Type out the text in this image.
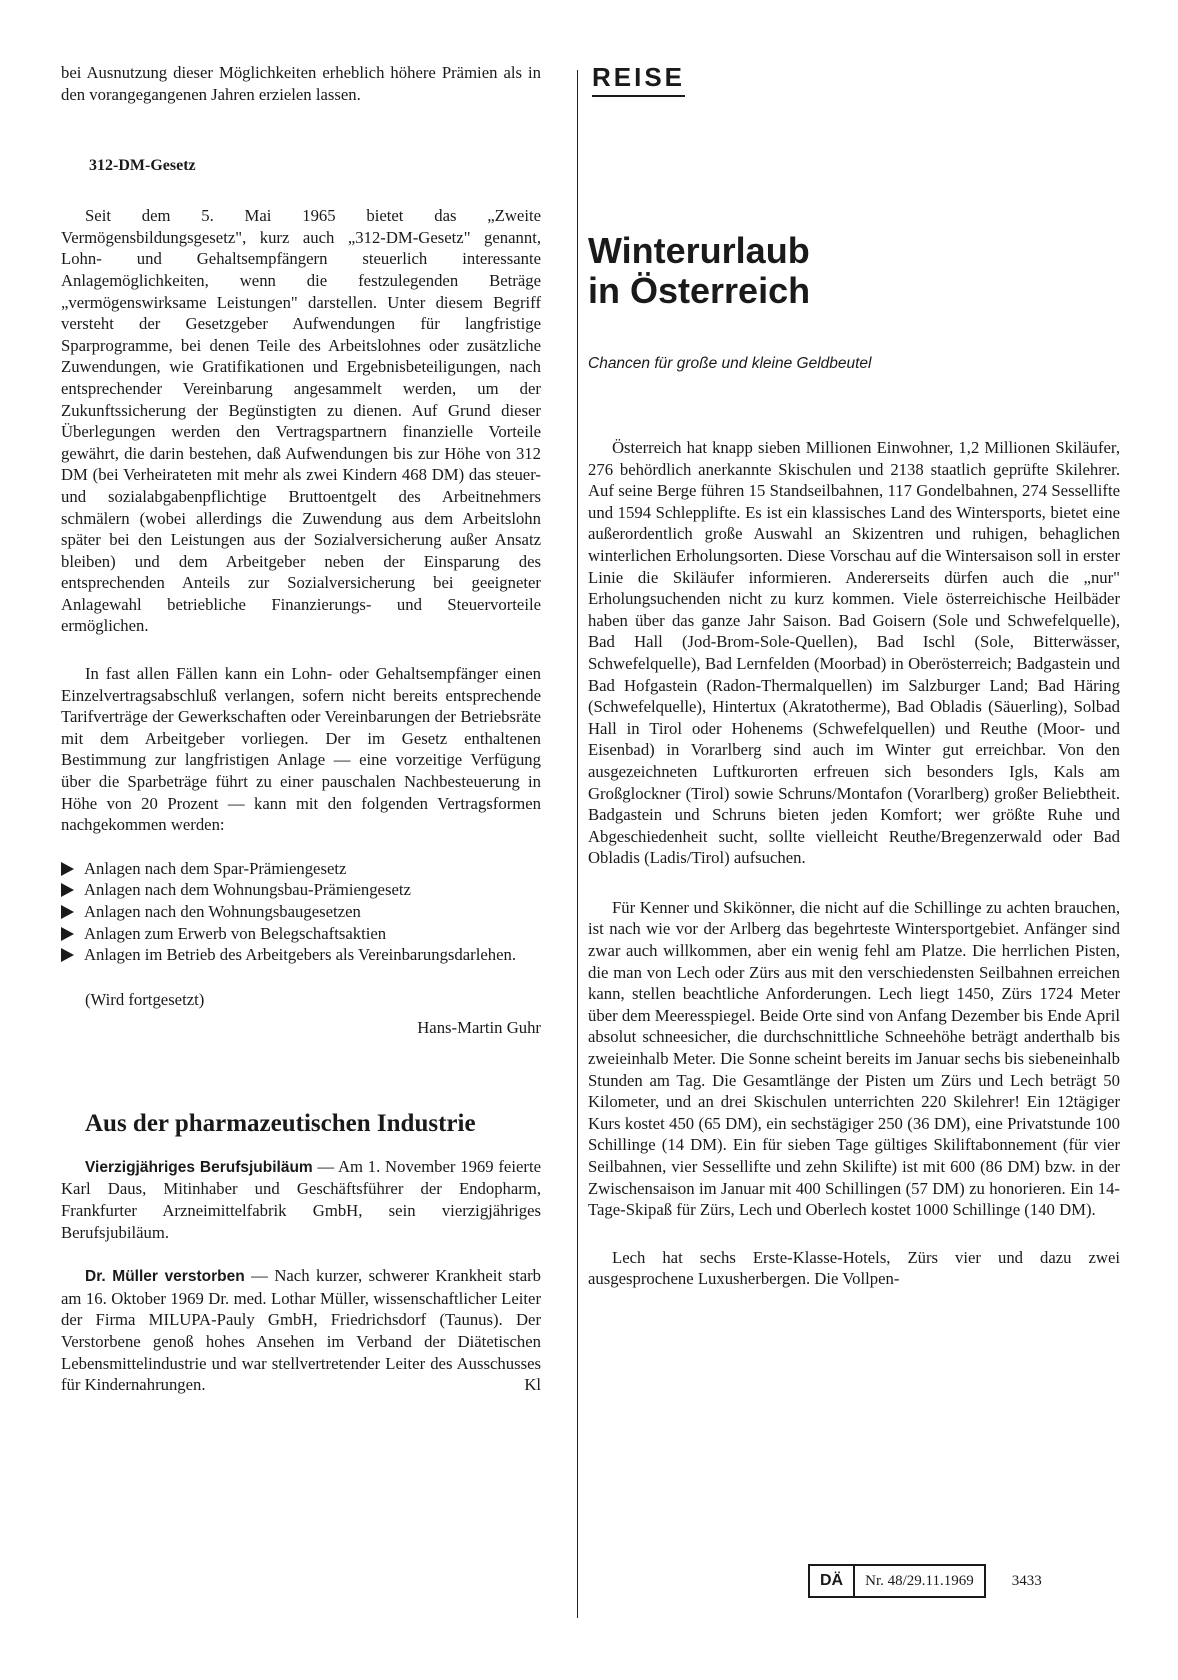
bei Ausnutzung dieser Möglichkeiten erheblich höhere Prämien als in den vorangegangenen Jahren erzielen lassen.

312-DM-Gesetz

Seit dem 5. Mai 1965 bietet das „Zweite Vermögensbildungsgesetz", kurz auch „312-DM-Gesetz" genannt, Lohn- und Gehaltsempfängern steuerlich interessante Anlagemöglichkeiten, wenn die festzulegenden Beträge „vermögenswirksame Leistungen" darstellen. Unter diesem Begriff versteht der Gesetzgeber Aufwendungen für langfristige Sparprogramme, bei denen Teile des Arbeitslohnes oder zusätzliche Zuwendungen, wie Gratifikationen und Ergebnisbeteiligungen, nach entsprechender Vereinbarung angesammelt werden, um der Zukunftssicherung der Begünstigten zu dienen. Auf Grund dieser Überlegungen werden den Vertragspartnern finanzielle Vorteile gewährt, die darin bestehen, daß Aufwendungen bis zur Höhe von 312 DM (bei Verheirateten mit mehr als zwei Kindern 468 DM) das steuer- und sozialabgabenpflichtige Bruttoentgelt des Arbeitnehmers schmälern (wobei allerdings die Zuwendung aus dem Arbeitslohn später bei den Leistungen aus der Sozialversicherung außer Ansatz bleiben) und dem Arbeitgeber neben der Einsparung des entsprechenden Anteils zur Sozialversicherung bei geeigneter Anlagewahl betriebliche Finanzierungs- und Steuervorteile ermöglichen.

In fast allen Fällen kann ein Lohn- oder Gehaltsempfänger einen Einzelvertragsabschluß verlangen, sofern nicht bereits entsprechende Tarifverträge der Gewerkschaften oder Vereinbarungen der Betriebsräte mit dem Arbeitgeber vorliegen. Der im Gesetz enthaltenen Bestimmung zur langfristigen Anlage — eine vorzeitige Verfügung über die Sparbeträge führt zu einer pauschalen Nachbesteuerung in Höhe von 20 Prozent — kann mit den folgenden Vertragsformen nachgekommen werden:

Anlagen nach dem Spar-Prämiengesetz
Anlagen nach dem Wohnungsbau-Prämiengesetz
Anlagen nach den Wohnungsbaugesetzen
Anlagen zum Erwerb von Belegschaftsaktien
Anlagen im Betrieb des Arbeitgebers als Vereinbarungsdarlehen.

(Wird fortgesetzt)

Hans-Martin Guhr

Aus der pharmazeutischen Industrie

Vierzigjähriges Berufsjubiläum — Am 1. November 1969 feierte Karl Daus, Mitinhaber und Geschäftsführer der Endopharm, Frankfurter Arzneimittelfabrik GmbH, sein vierzigjähriges Berufsjubiläum.

Dr. Müller verstorben — Nach kurzer, schwerer Krankheit starb am 16. Oktober 1969 Dr. med. Lothar Müller, wissenschaftlicher Leiter der Firma MILUPA-Pauly GmbH, Friedrichsdorf (Taunus). Der Verstorbene genoß hohes Ansehen im Verband der Diätetischen Lebensmittelindustrie und war stellvertretender Leiter des Ausschusses für Kindernahrungen.	Kl

REISE
Winterurlaub
in Österreich

Chancen für große und kleine Geldbeutel

Österreich hat knapp sieben Millionen Einwohner, 1,2 Millionen Skiläufer, 276 behördlich anerkannte Skischulen und 2138 staatlich geprüfte Skilehrer. Auf seine Berge führen 15 Standseilbahnen, 117 Gondelbahnen, 274 Sessellifte und 1594 Schlepplifte. Es ist ein klassisches Land des Wintersports, bietet eine außerordentlich große Auswahl an Skizentren und ruhigen, behaglichen winterlichen Erholungsorten. Diese Vorschau auf die Wintersaison soll in erster Linie die Skiläufer informieren. Andererseits dürfen auch die „nur" Erholungsuchenden nicht zu kurz kommen. Viele österreichische Heilbäder haben über das ganze Jahr Saison. Bad Goisern (Sole und Schwefelquelle), Bad Hall (Jod-Brom-Sole-Quellen), Bad Ischl (Sole, Bitterwässer, Schwefelquelle), Bad Lernfelden (Moorbad) in Oberösterreich; Badgastein und Bad Hofgastein (Radon-Thermalquellen) im Salzburger Land; Bad Häring (Schwefelquelle), Hintertux (Akratotherme), Bad Obladis (Säuerling), Solbad Hall in Tirol oder Hohenems (Schwefelquellen) und Reuthe (Moor- und Eisenbad) in Vorarlberg sind auch im Winter gut erreichbar. Von den ausgezeichneten Luftkurorten erfreuen sich besonders Igls, Kals am Großglockner (Tirol) sowie Schruns/Montafon (Vorarlberg) großer Beliebtheit. Badgastein und Schruns bieten jeden Komfort; wer größte Ruhe und Abgeschiedenheit sucht, sollte vielleicht Reuthe/Bregenzerwald oder Bad Obladis (Ladis/Tirol) aufsuchen.

Für Kenner und Skikönner, die nicht auf die Schillinge zu achten brauchen, ist nach wie vor der Arlberg das begehrteste Wintersportgebiet. Anfänger sind zwar auch willkommen, aber ein wenig fehl am Platze. Die herrlichen Pisten, die man von Lech oder Zürs aus mit den verschiedensten Seilbahnen erreichen kann, stellen beachtliche Anforderungen. Lech liegt 1450, Zürs 1724 Meter über dem Meeresspiegel. Beide Orte sind von Anfang Dezember bis Ende April absolut schneesicher, die durchschnittliche Schneehöhe beträgt anderthalb bis zweieinhalb Meter. Die Sonne scheint bereits im Januar sechs bis siebeneinhalb Stunden am Tag. Die Gesamtlänge der Pisten um Zürs und Lech beträgt 50 Kilometer, und an drei Skischulen unterrichten 220 Skilehrer! Ein 12tägiger Kurs kostet 450 (65 DM), ein sechstägiger 250 (36 DM), eine Privatstunde 100 Schillinge (14 DM). Ein für sieben Tage gültiges Skiliftabonnement (für vier Seilbahnen, vier Sessellifte und zehn Skilifte) ist mit 600 (86 DM) bzw. in der Zwischensaison im Januar mit 400 Schillingen (57 DM) zu honorieren. Ein 14-Tage-Skipaß für Zürs, Lech und Oberlech kostet 1000 Schillinge (140 DM).

Lech hat sechs Erste-Klasse-Hotels, Zürs vier und dazu zwei ausgesprochene Luxusherbergen. Die Vollpen-

DÄ	Nr. 48/29.11.1969	3433
